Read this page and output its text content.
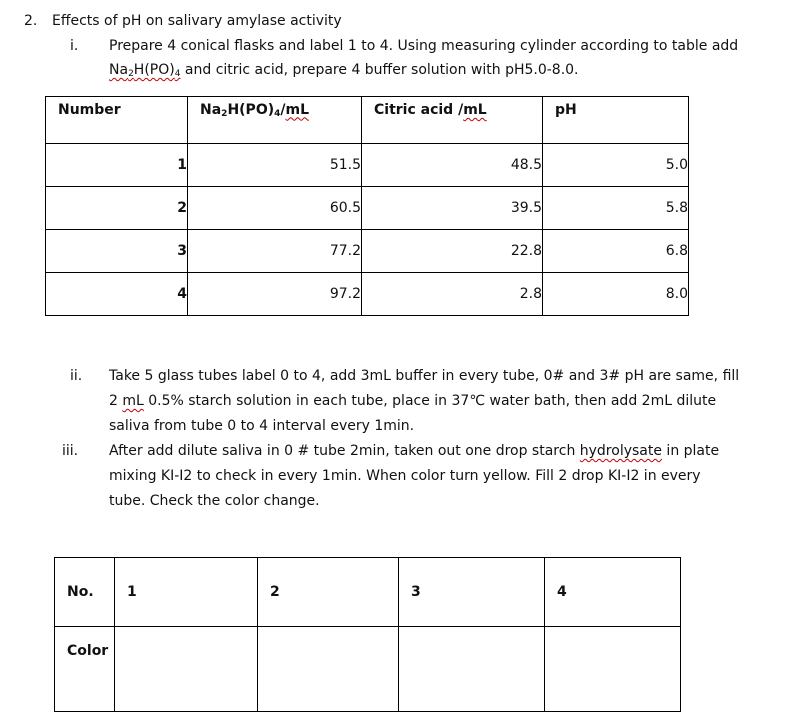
2. Effects of pH on salivary amylase activity
i. Prepare 4 conical flasks and label 1 to 4. Using measuring cylinder according to table add
$Na_2H(PO)_4$ and citric acid, prepare 4 buffer solution with pH5.0-8.0.
Number	$Na_2H(PO)_4/mL$	Citric acid /mL	pH

1	51.5	48.5	5.0
2	60.5	39.5	5.8
3	77.2	22.8	6.8
4	97.2	2.8	8.0
ii. Take 5 glass tubes label 0 to 4, add 3mL buffer in every tube, 0# and 3# pH are same, fill
2 mL 0.5% starch solution in each tube, place in 37℃ water bath, then add 2mL dilute
saliva from tube 0 to 4 interval every 1min.
iii. After add dilute saliva in 0 # tube 2min, taken out one drop starch hydrolysate in plate
mixing KI-I2 to check in every 1min. When color turn yellow. Fill 2 drop KI-I2 in every
tube. Check the color change.
No.	1	2	3	4
Color				
